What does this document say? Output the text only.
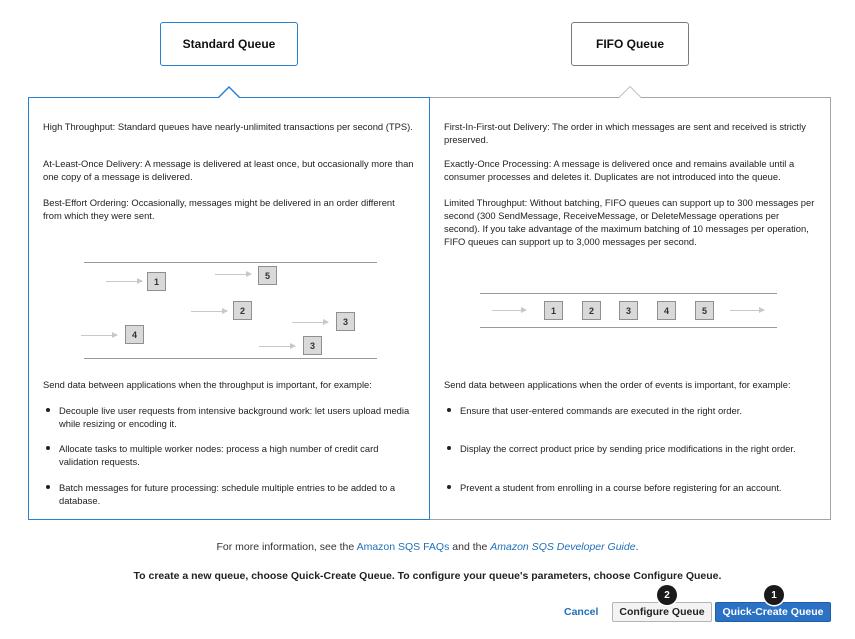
Standard Queue	FIFO Queue

High Throughput: Standard queues have nearly-unlimited transactions per second (TPS).

At-Least-Once Delivery: A message is delivered at least once, but occasionally more than one copy of a message is delivered.

Best-Effort Ordering: Occasionally, messages might be delivered in an order different from which they were sent.

1
5
2
3
4
3

Send data between applications when the throughput is important, for example:

Decouple live user requests from intensive background work: let users upload media while resizing or encoding it.
Allocate tasks to multiple worker nodes: process a high number of credit card validation requests.
Batch messages for future processing: schedule multiple entries to be added to a database.

First-In-First-out Delivery: The order in which messages are sent and received is strictly preserved.

Exactly-Once Processing: A message is delivered once and remains available until a consumer processes and deletes it. Duplicates are not introduced into the queue.

Limited Throughput: Without batching, FIFO queues can support up to 300 messages per second (300 SendMessage, ReceiveMessage, or DeleteMessage operations per second). If you take advantage of the maximum batching of 10 messages per operation, FIFO queues can support up to 3,000 messages per second.

1	2	3	4	5

Send data between applications when the order of events is important, for example:

Ensure that user-entered commands are executed in the right order.
Display the correct product price by sending price modifications in the right order.
Prevent a student from enrolling in a course before registering for an account.
For more information, see the Amazon SQS FAQs and the Amazon SQS Developer Guide.
To create a new queue, choose Quick-Create Queue. To configure your queue's parameters, choose Configure Queue.
Cancel	Configure Queue	Quick-Create Queue
2	1
